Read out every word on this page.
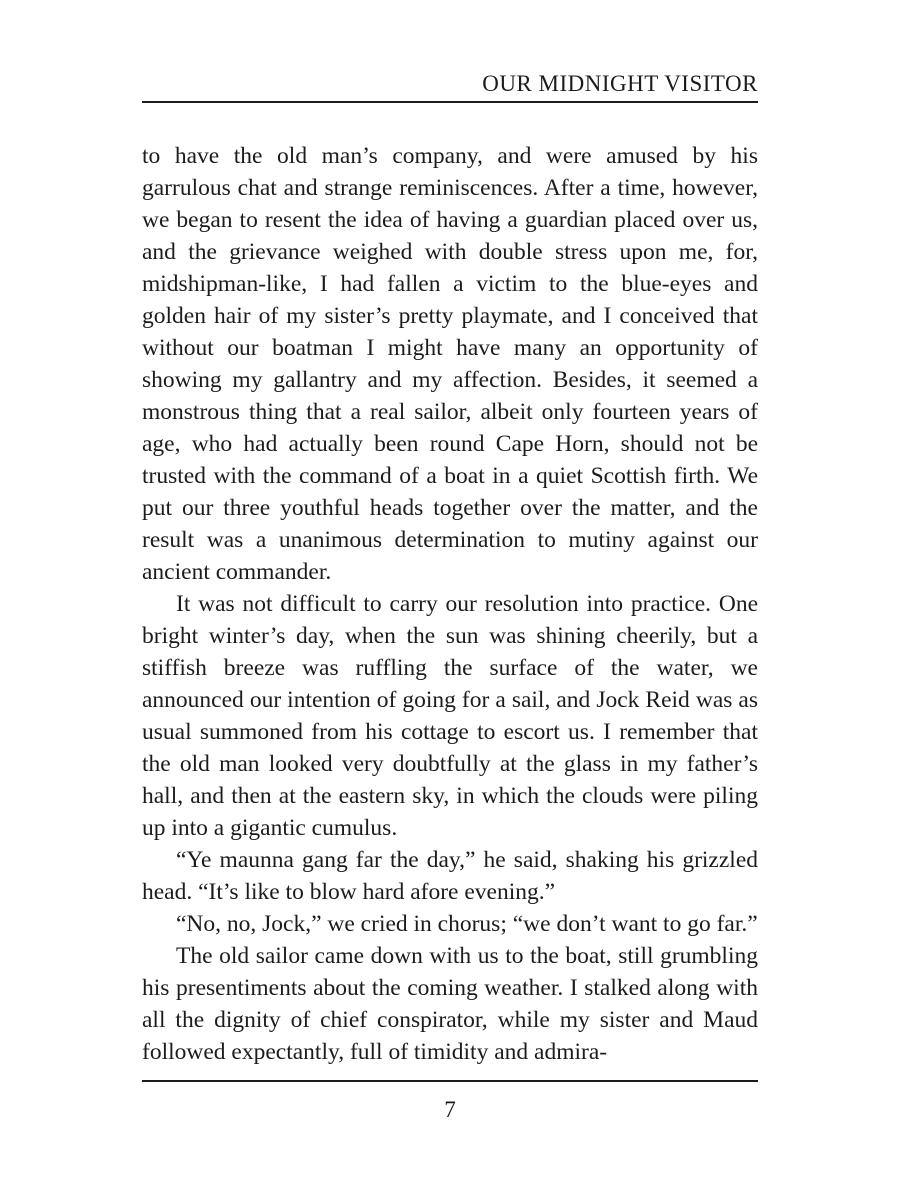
OUR MIDNIGHT VISITOR

to have the old man’s company, and were amused by his garrulous chat and strange reminiscences. After a time, however, we began to resent the idea of having a guardian placed over us, and the grievance weighed with double stress upon me, for, midshipman-like, I had fallen a victim to the blue-eyes and golden hair of my sister’s pretty playmate, and I conceived that without our boatman I might have many an opportunity of showing my gallantry and my affection. Besides, it seemed a monstrous thing that a real sailor, albeit only fourteen years of age, who had actually been round Cape Horn, should not be trusted with the command of a boat in a quiet Scottish firth. We put our three youthful heads together over the matter, and the result was a unanimous determination to mutiny against our ancient commander.

It was not difficult to carry our resolution into practice. One bright winter’s day, when the sun was shining cheerily, but a stiffish breeze was ruffling the surface of the water, we announced our intention of going for a sail, and Jock Reid was as usual summoned from his cottage to escort us. I remember that the old man looked very doubtfully at the glass in my father’s hall, and then at the eastern sky, in which the clouds were piling up into a gigantic cumulus.

“Ye maunna gang far the day,” he said, shaking his grizzled head. “It’s like to blow hard afore evening.”

“No, no, Jock,” we cried in chorus; “we don’t want to go far.”

The old sailor came down with us to the boat, still grumbling his presentiments about the coming weather. I stalked along with all the dignity of chief conspirator, while my sister and Maud followed expectantly, full of timidity and admira-

7
